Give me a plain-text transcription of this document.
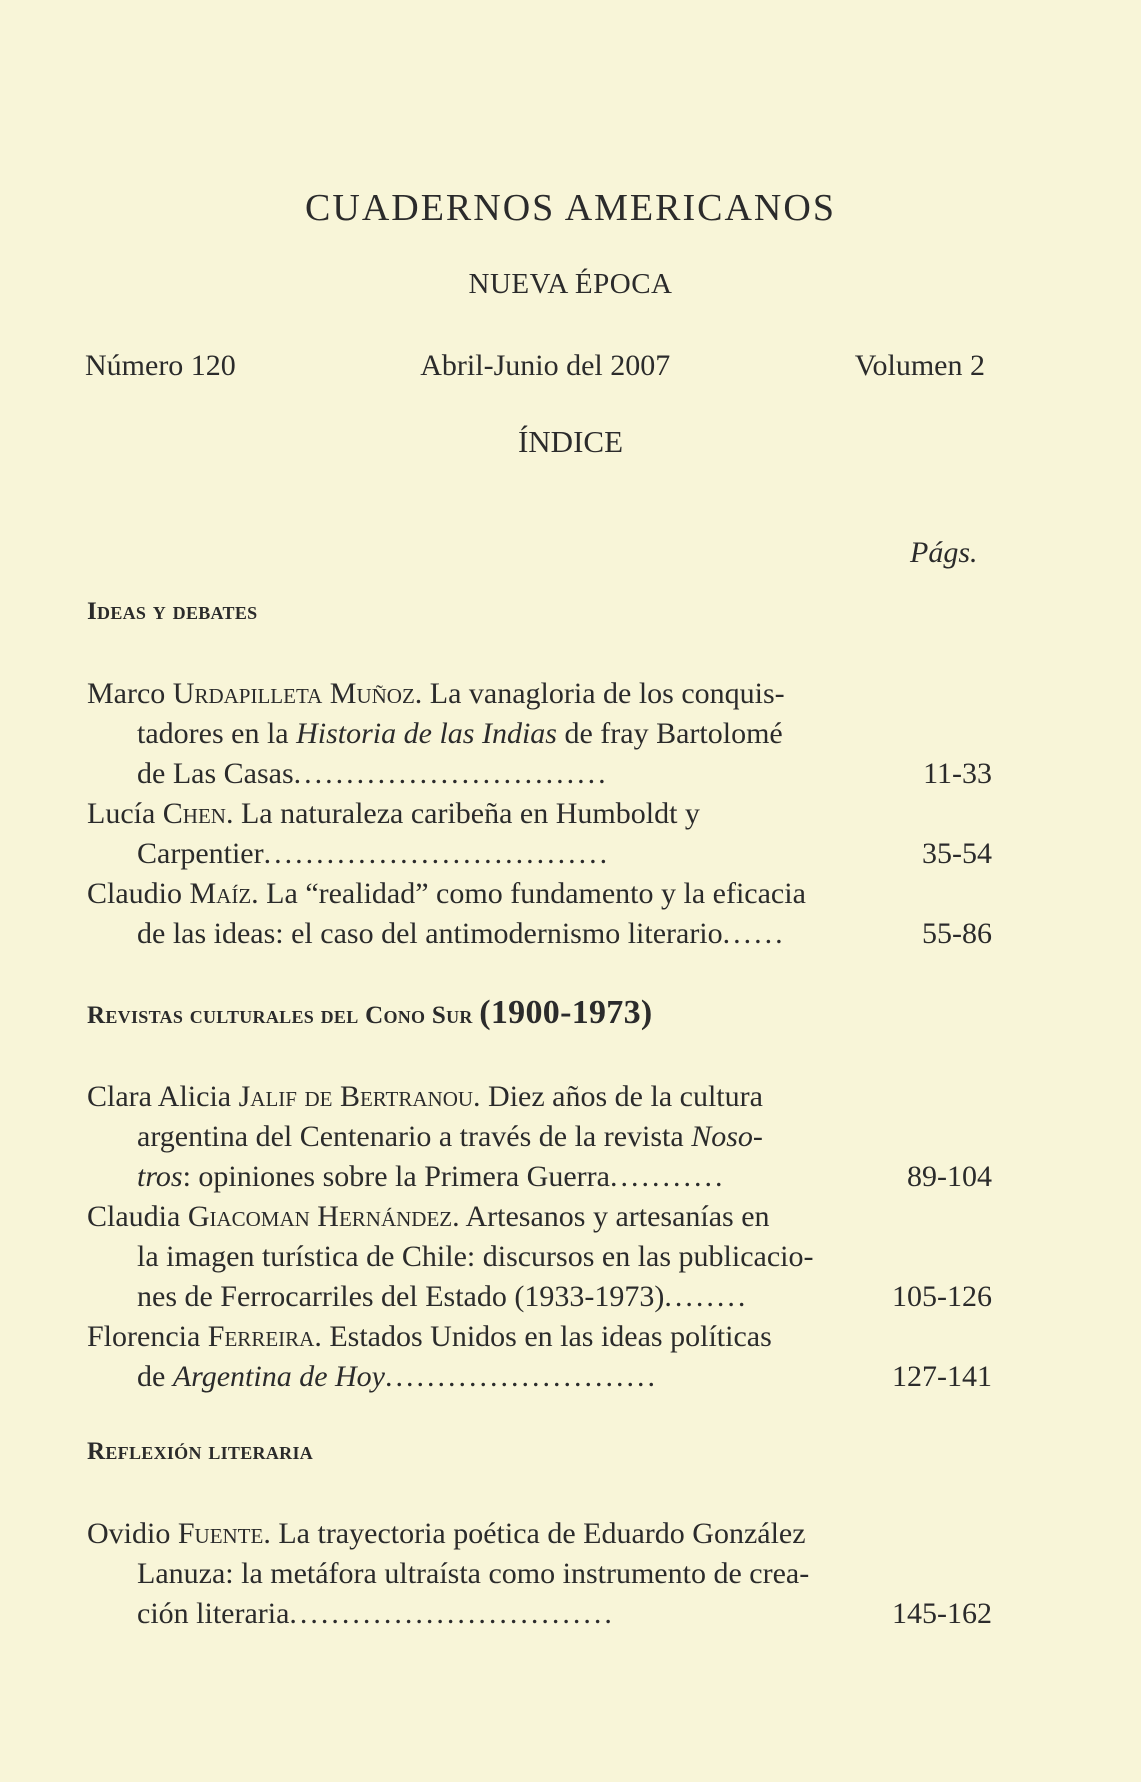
CUADERNOS AMERICANOS
NUEVA ÉPOCA
Número 120	Abril-Junio del 2007	Volumen 2
ÍNDICE
Págs.
Ideas y debates
Marco Urdapilleta Muñoz. La vanagloria de los conquis-
tadores en la Historia de las Indias de fray Bartolomé
de Las Casas..............................	11-33
Lucía Chen. La naturaleza caribeña en Humboldt y
Carpentier.................................	35-54
Claudio Maíz. La “realidad” como fundamento y la eficacia
de las ideas: el caso del antimodernismo literario......	55-86
Revistas culturales del Cono Sur (1900-1973)
Clara Alicia Jalif de Bertranou. Diez años de la cultura
argentina del Centenario a través de la revista Noso-
tros: opiniones sobre la Primera Guerra...........	89-104
Claudia Giacoman Hernández. Artesanos y artesanías en
la imagen turística de Chile: discursos en las publicacio-
nes de Ferrocarriles del Estado (1933-1973)........	105-126
Florencia Ferreira. Estados Unidos en las ideas políticas
de Argentina de Hoy..........................	127-141
Reflexión literaria
Ovidio Fuente. La trayectoria poética de Eduardo González
Lanuza: la metáfora ultraísta como instrumento de crea-
ción literaria...............................	145-162
